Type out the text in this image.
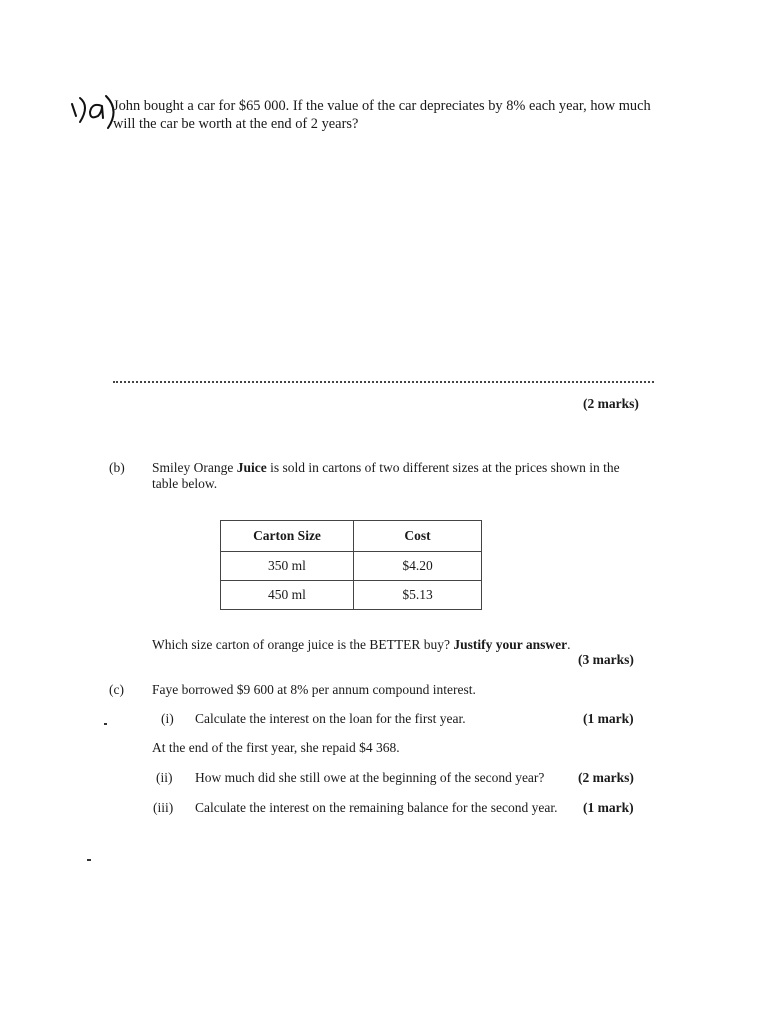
John bought a car for $65 000. If the value of the car depreciates by 8% each year, how much
will the car be worth at the end of 2 years?
(2 marks)
(b) Smiley Orange Juice is sold in cartons of two different sizes at the prices shown in the
table below.
Carton Size	Cost
350 ml	$4.20
450 ml	$5.13
Which size carton of orange juice is the BETTER buy? Justify your answer.
(3 marks)
(c) Faye borrowed $9 600 at 8% per annum compound interest.
(i) Calculate the interest on the loan for the first year.	(1 mark)
At the end of the first year, she repaid $4 368.
(ii) How much did she still owe at the beginning of the second year? (2 marks)
(iii) Calculate the interest on the remaining balance for the second year. (1 mark)
